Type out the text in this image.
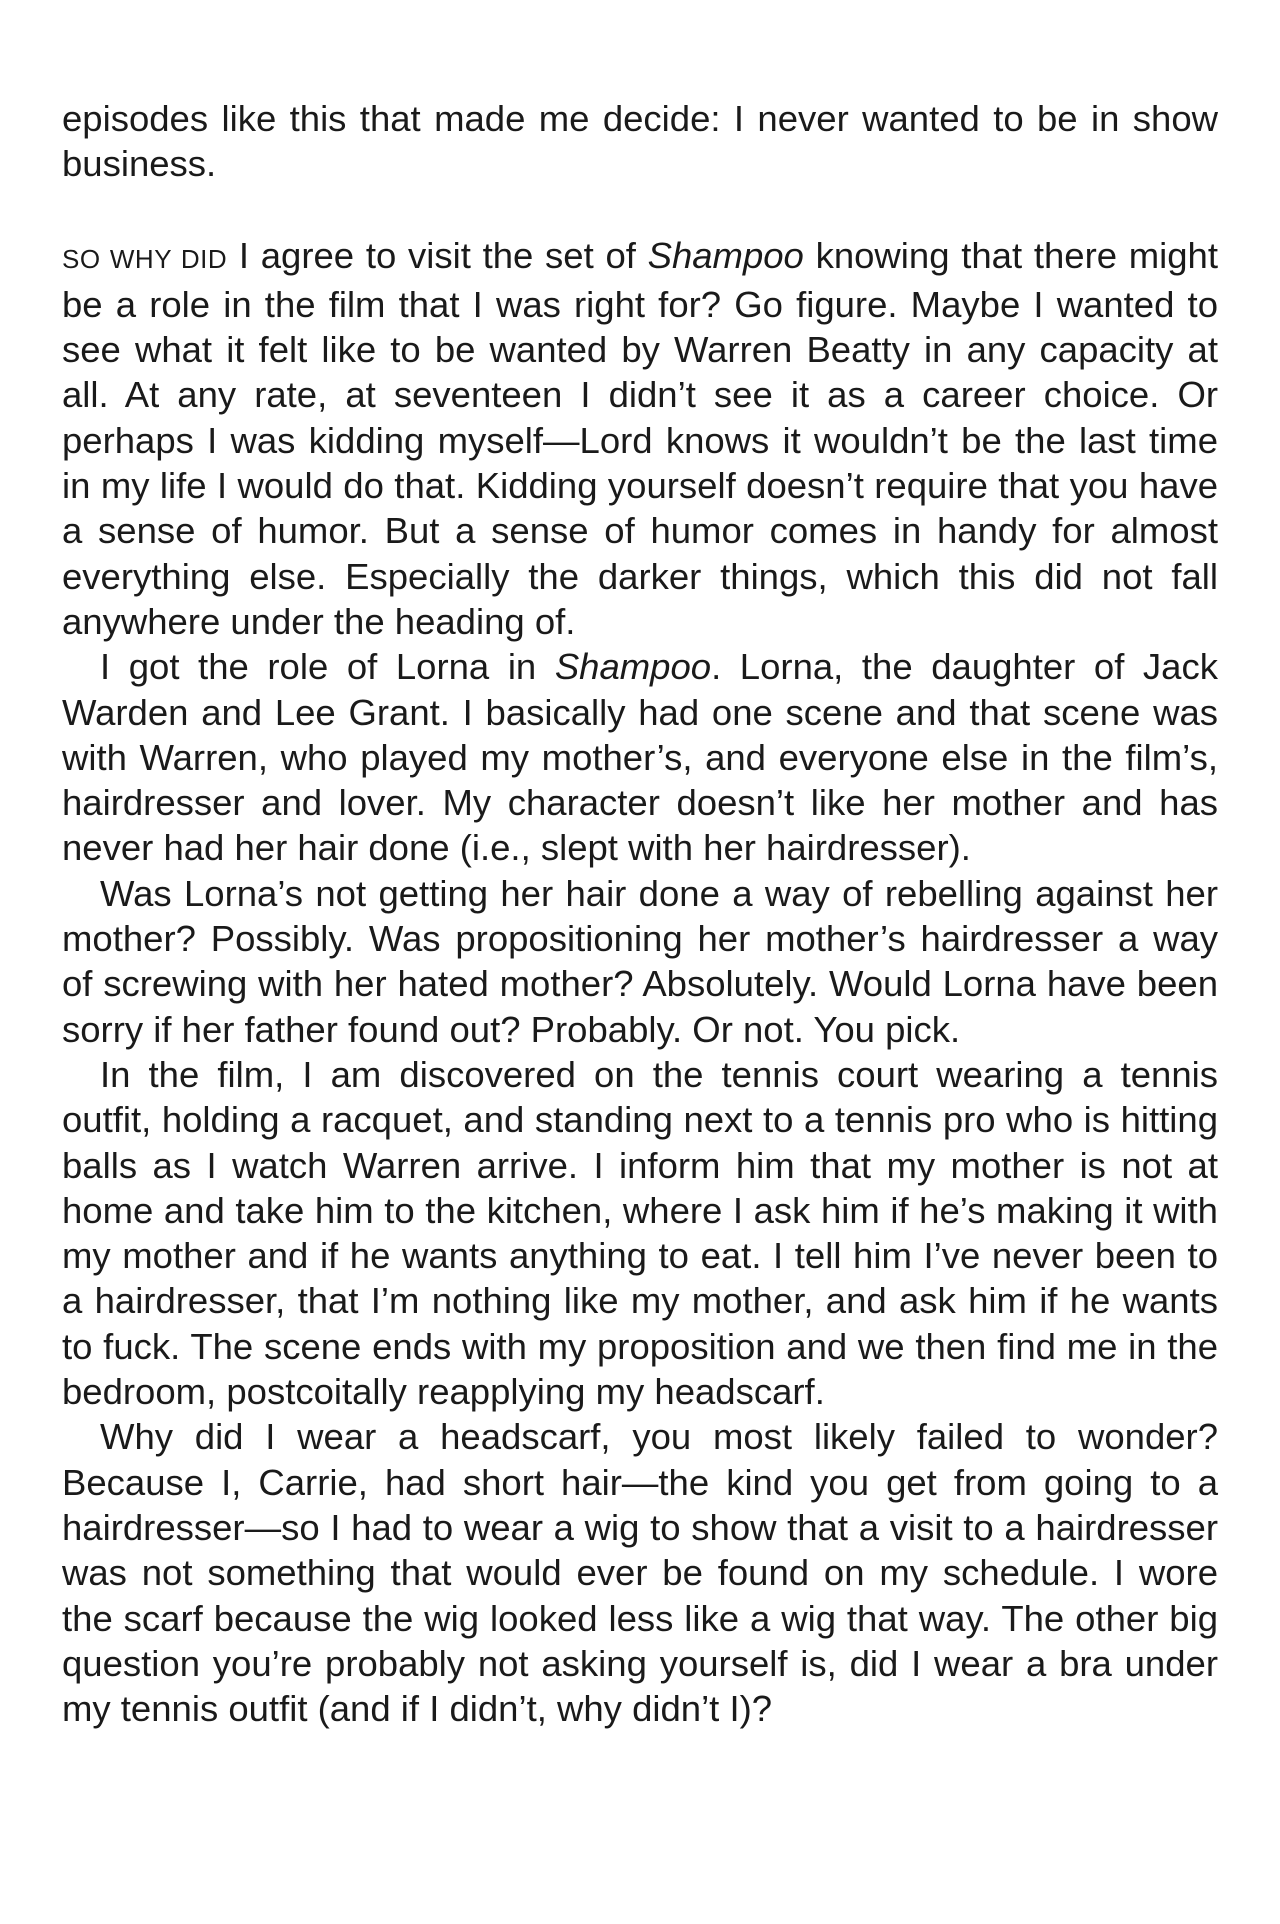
episodes like this that made me decide: I never wanted to be in show business.

SO WHY DID I agree to visit the set of Shampoo knowing that there might be a role in the film that I was right for? Go figure. Maybe I wanted to see what it felt like to be wanted by Warren Beatty in any capacity at all. At any rate, at seventeen I didn’t see it as a career choice. Or perhaps I was kidding myself—Lord knows it wouldn’t be the last time in my life I would do that. Kidding yourself doesn’t require that you have a sense of humor. But a sense of humor comes in handy for almost everything else. Especially the darker things, which this did not fall anywhere under the heading of.

I got the role of Lorna in Shampoo. Lorna, the daughter of Jack Warden and Lee Grant. I basically had one scene and that scene was with Warren, who played my mother’s, and everyone else in the film’s, hairdresser and lover. My character doesn’t like her mother and has never had her hair done (i.e., slept with her hairdresser).

Was Lorna’s not getting her hair done a way of rebelling against her mother? Possibly. Was propositioning her mother’s hairdresser a way of screwing with her hated mother? Absolutely. Would Lorna have been sorry if her father found out? Probably. Or not. You pick.

In the film, I am discovered on the tennis court wearing a tennis outfit, holding a racquet, and standing next to a tennis pro who is hitting balls as I watch Warren arrive. I inform him that my mother is not at home and take him to the kitchen, where I ask him if he’s making it with my mother and if he wants anything to eat. I tell him I’ve never been to a hairdresser, that I’m nothing like my mother, and ask him if he wants to fuck. The scene ends with my proposition and we then find me in the bedroom, postcoitally reapplying my headscarf.

Why did I wear a headscarf, you most likely failed to wonder? Because I, Carrie, had short hair—the kind you get from going to a hairdresser—so I had to wear a wig to show that a visit to a hairdresser was not something that would ever be found on my schedule. I wore the scarf because the wig looked less like a wig that way. The other big question you’re probably not asking yourself is, did I wear a bra under my tennis outfit (and if I didn’t, why didn’t I)?
